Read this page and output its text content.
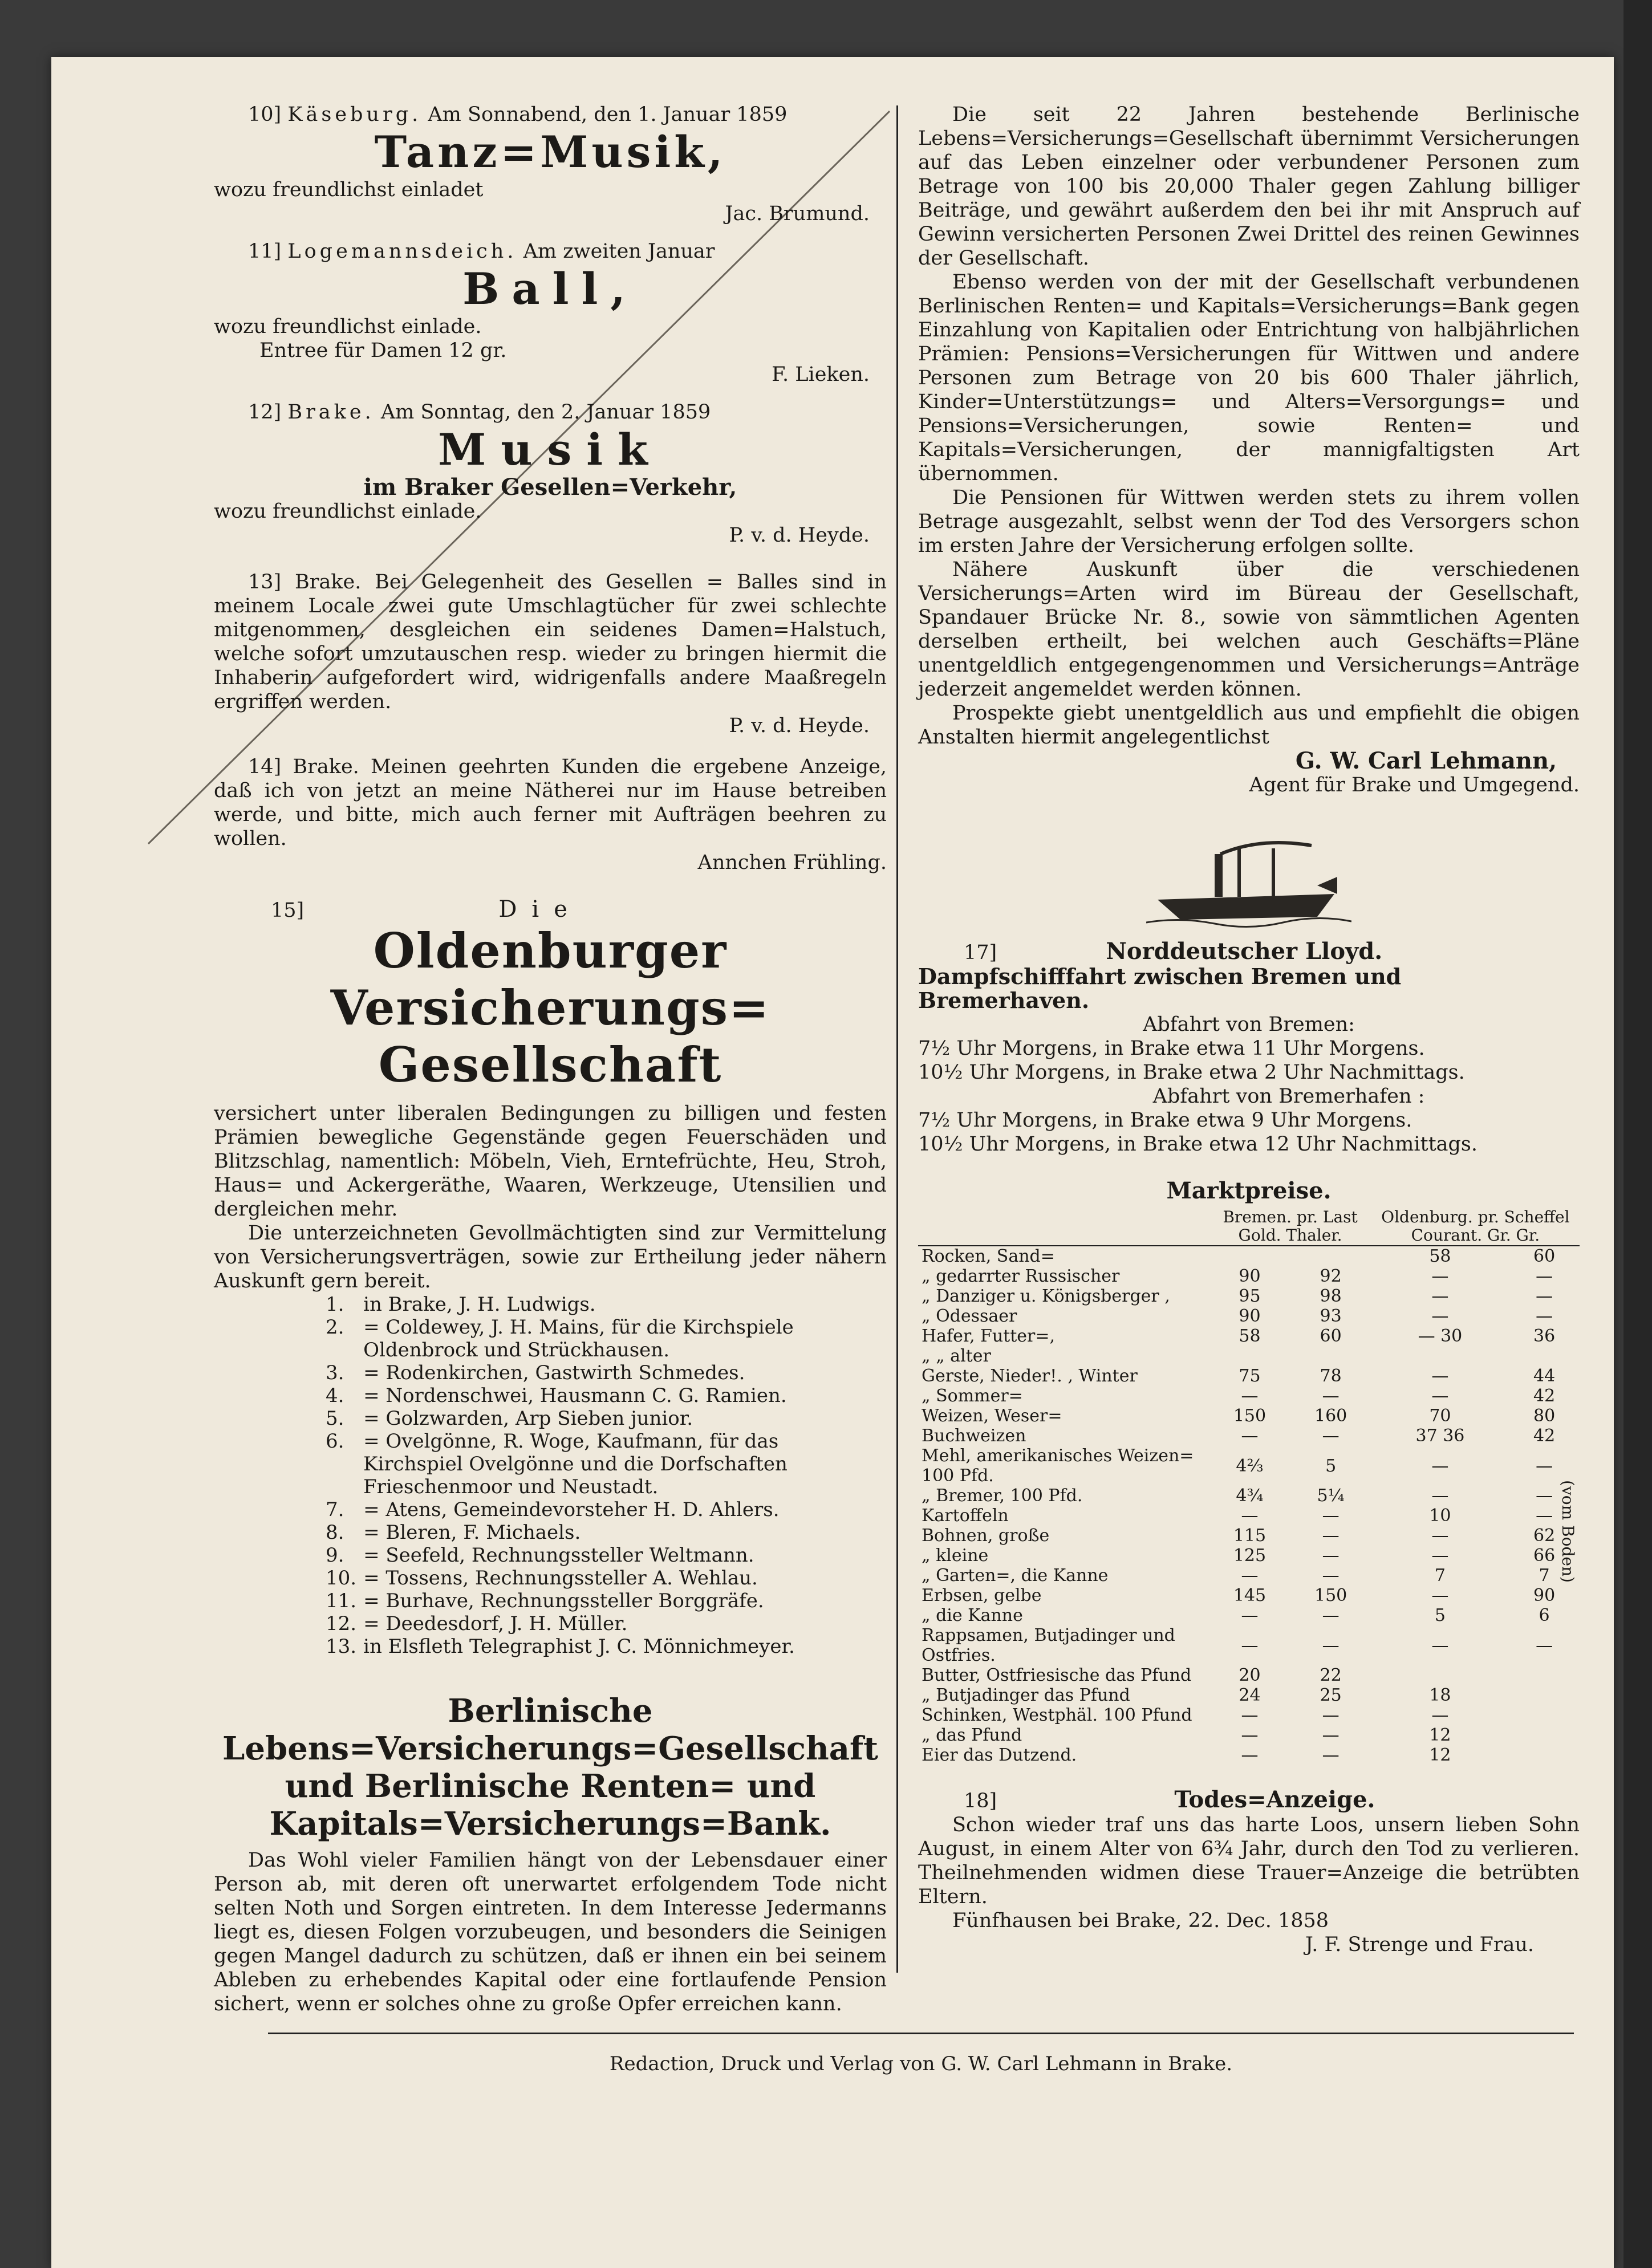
10] Käseburg. Am Sonnabend, den 1. Januar 1859
Tanz=Musik,
wozu freundlichst einladet
Jac. Brumund.
11] Logemannsdeich. Am zweiten Januar
Ball,
wozu freundlichst einlade.
Entree für Damen 12 gr.
F. Lieken.
12] Brake. Am Sonntag, den 2. Januar 1859
Musik
im Braker Gesellen=Verkehr,
wozu freundlichst einlade.
P. v. d. Heyde.
13] Brake. Bei Gelegenheit des Gesellen = Balles sind in meinem Locale zwei gute Umschlagtücher für zwei schlechte mitgenommen, desgleichen ein seidenes Damen=Halstuch, welche sofort umzutauschen resp. wieder zu bringen hiermit die Inhaberin aufgefordert wird, widrigenfalls andere Maaßregeln ergriffen werden.
P. v. d. Heyde.
14] Brake. Meinen geehrten Kunden die ergebene Anzeige, daß ich von jetzt an meine Nätherei nur im Hause betreiben werde, und bitte, mich auch ferner mit Aufträgen beehren zu wollen.
Annchen Frühling.
15]	Die
Oldenburger Versicherungs=
Gesellschaft
versichert unter liberalen Bedingungen zu billigen und festen Prämien bewegliche Gegenstände gegen Feuerschäden und Blitzschlag, namentlich: Möbeln, Vieh, Erntefrüchte, Heu, Stroh, Haus= und Ackergeräthe, Waaren, Werkzeuge, Utensilien und dergleichen mehr.
Die unterzeichneten Gevollmächtigten sind zur Vermittelung von Versicherungsverträgen, sowie zur Ertheilung jeder nähern Auskunft gern bereit.
1.	in Brake, J. H. Ludwigs.
2.	= Coldewey, J. H. Mains, für die Kirchspiele Oldenbrock und Strückhausen.
3.	= Rodenkirchen, Gastwirth Schmedes.
4.	= Nordenschwei, Hausmann C. G. Ramien.
5.	= Golzwarden, Arp Sieben junior.
6.	= Ovelgönne, R. Woge, Kaufmann, für das Kirchspiel Ovelgönne und die Dorfschaften Frieschenmoor und Neustadt.
7.	= Atens, Gemeindevorsteher H. D. Ahlers.
8.	= Bleren, F. Michaels.
9.	= Seefeld, Rechnungssteller Weltmann.
10.	= Tossens, Rechnungssteller A. Wehlau.
11.	= Burhave, Rechnungssteller Borggräfe.
12.	= Deedesdorf, J. H. Müller.
13.	in Elsfleth Telegraphist J. C. Mönnichmeyer.
Berlinische Lebens=Versicherungs=Gesellschaft und Berlinische Renten= und Kapitals=Versicherungs=Bank.
Das Wohl vieler Familien hängt von der Lebensdauer einer Person ab, mit deren oft unerwartet erfolgendem Tode nicht selten Noth und Sorgen eintreten. In dem Interesse Jedermanns liegt es, diesen Folgen vorzubeugen, und besonders die Seinigen gegen Mangel dadurch zu schützen, daß er ihnen ein bei seinem Ableben zu erhebendes Kapital oder eine fortlaufende Pension sichert, wenn er solches ohne zu große Opfer erreichen kann.
Die seit 22 Jahren bestehende Berlinische Lebens=Versicherungs=Gesellschaft übernimmt Versicherungen auf das Leben einzelner oder verbundener Personen zum Betrage von 100 bis 20,000 Thaler gegen Zahlung billiger Beiträge, und gewährt außerdem den bei ihr mit Anspruch auf Gewinn versicherten Personen Zwei Drittel des reinen Gewinnes der Gesellschaft.
Ebenso werden von der mit der Gesellschaft verbundenen Berlinischen Renten= und Kapitals=Versicherungs=Bank gegen Einzahlung von Kapitalien oder Entrichtung von halbjährlichen Prämien: Pensions=Versicherungen für Wittwen und andere Personen zum Betrage von 20 bis 600 Thaler jährlich, Kinder=Unterstützungs= und Alters=Versorgungs= und Pensions=Versicherungen, sowie Renten= und Kapitals=Versicherungen, der mannigfaltigsten Art übernommen.
Die Pensionen für Wittwen werden stets zu ihrem vollen Betrage ausgezahlt, selbst wenn der Tod des Versorgers schon im ersten Jahre der Versicherung erfolgen sollte.
Nähere Auskunft über die verschiedenen Versicherungs=Arten wird im Büreau der Gesellschaft, Spandauer Brücke Nr. 8., sowie von sämmtlichen Agenten derselben ertheilt, bei welchen auch Geschäfts=Pläne unentgeldlich entgegengenommen und Versicherungs=Anträge jederzeit angemeldet werden können.
Prospekte giebt unentgeldlich aus und empfiehlt die obigen Anstalten hiermit angelegentlichst
G. W. Carl Lehmann,
Agent für Brake und Umgegend.
17]	Norddeutscher Lloyd.
Dampfschifffahrt zwischen Bremen und Bremerhaven.
Abfahrt von Bremen:
7½ Uhr Morgens, in Brake etwa 11 Uhr Morgens.
10½ Uhr Morgens, in Brake etwa 2 Uhr Nachmittags.
Abfahrt von Bremerhafen :
7½ Uhr Morgens, in Brake etwa 9 Uhr Morgens.
10½ Uhr Morgens, in Brake etwa 12 Uhr Nachmittags.
Marktpreise.
	Bremen. pr. Last Gold. Thaler.		Oldenburg. pr. Scheffel Courant. Gr. Gr.	
Rocken, Sand=			58	60
„ gedarrter Russischer	90	92	—	—
„ Danziger u. Königsberger ,	95	98	—	—
„ Odessaer	90	93	—	—
Hafer, Futter=,	58	60	— 30	36
„ „ alter				
Gerste, Nieder!. , Winter	75	78	—	44
„ Sommer=	—	—	—	42
Weizen, Weser=	150	160	70	80
Buchweizen	—	—	37 36	42
Mehl, amerikanisches Weizen= 100 Pfd.	4⅔	5	—	—
„ Bremer, 100 Pfd.	4¾	5¼	—	—
Kartoffeln	—	—	10	—
Bohnen, große	115	—	—	62
„ kleine	125	—	—	66
„ Garten=, die Kanne	—	—	7	7
Erbsen, gelbe	145	150	—	90
„ die Kanne	—	—	5	6
Rappsamen, Butjadinger und Ostfries.	—	—	—	—
Butter, Ostfriesische das Pfund	20	22		
„ Butjadinger das Pfund	24	25	18	
Schinken, Westphäl. 100 Pfund	—	—	—	
„ das Pfund	—	—	12	
Eier das Dutzend.	—	—	12	
(vom Boden)
18]	Todes=Anzeige.
Schon wieder traf uns das harte Loos, unsern lieben Sohn August, in einem Alter von 6¾ Jahr, durch den Tod zu verlieren. Theilnehmenden widmen diese Trauer=Anzeige die betrübten Eltern.
Fünfhausen bei Brake, 22. Dec. 1858
J. F. Strenge und Frau.
Redaction, Druck und Verlag von G. W. Carl Lehmann in Brake.
